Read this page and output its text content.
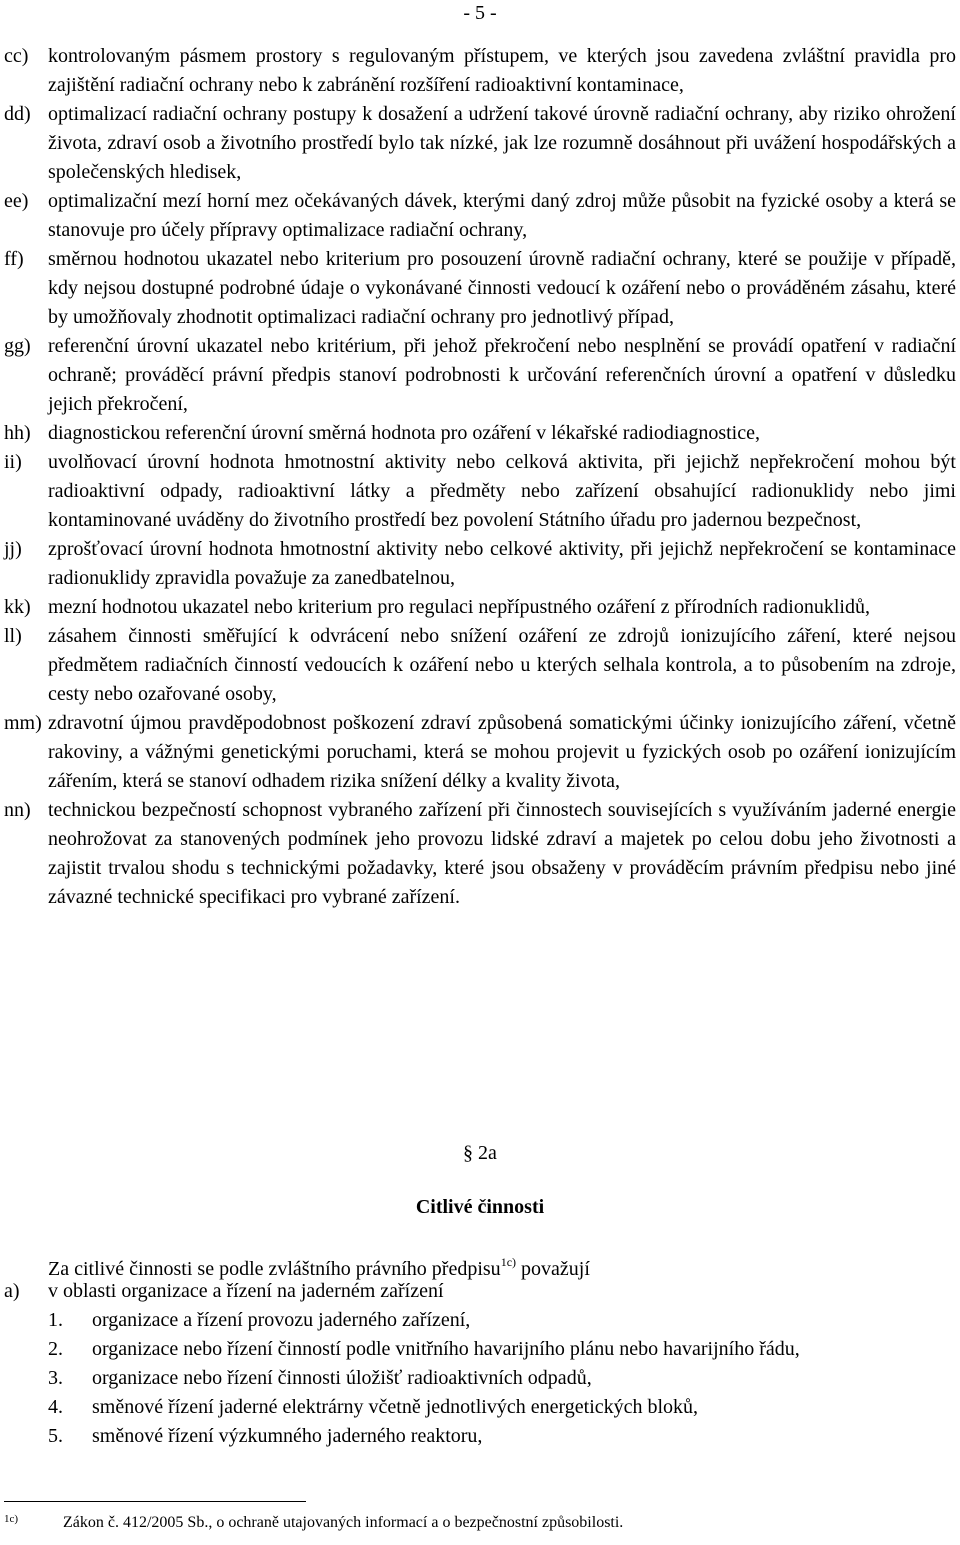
- 5 -

cc) kontrolovaným pásmem prostory s regulovaným přístupem, ve kterých jsou zavedena zvláštní pravidla pro zajištění radiační ochrany nebo k zabránění rozšíření radioaktivní kontaminace,

dd) optimalizací radiační ochrany postupy k dosažení a udržení takové úrovně radiační ochrany, aby riziko ohrožení života, zdraví osob a životního prostředí bylo tak nízké, jak lze rozumně dosáhnout při uvážení hospodářských a společenských hledisek,

ee) optimalizační mezí horní mez očekávaných dávek, kterými daný zdroj může působit na fyzické osoby a která se stanovuje pro účely přípravy optimalizace radiační ochrany,

ff) směrnou hodnotou ukazatel nebo kriterium pro posouzení úrovně radiační ochrany, které se použije v případě, kdy nejsou dostupné podrobné údaje o vykonávané činnosti vedoucí k ozáření nebo o prováděném zásahu, které by umožňovaly zhodnotit optimalizaci radiační ochrany pro jednotlivý případ,

gg) referenční úrovní ukazatel nebo kritérium, při jehož překročení nebo nesplnění se provádí opatření v radiační ochraně; prováděcí právní předpis stanoví podrobnosti k určování referenčních úrovní a opatření v důsledku jejich překročení,

hh) diagnostickou referenční úrovní směrná hodnota pro ozáření v lékařské radiodiagnostice,

ii) uvolňovací úrovní hodnota hmotnostní aktivity nebo celková aktivita, při jejichž nepřekročení mohou být radioaktivní odpady, radioaktivní látky a předměty nebo zařízení obsahující radionuklidy nebo jimi kontaminované uváděny do životního prostředí bez povolení Státního úřadu pro jadernou bezpečnost,

jj) zprošťovací úrovní hodnota hmotnostní aktivity nebo celkové aktivity, při jejichž nepřekročení se kontaminace radionuklidy zpravidla považuje za zanedbatelnou,

kk) mezní hodnotou ukazatel nebo kriterium pro regulaci nepřípustného ozáření z přírodních radionuklidů,

ll) zásahem činnosti směřující k odvrácení nebo snížení ozáření ze zdrojů ionizujícího záření, které nejsou předmětem radiačních činností vedoucích k ozáření nebo u kterých selhala kontrola, a to působením na zdroje, cesty nebo ozařované osoby,

mm) zdravotní újmou pravděpodobnost poškození zdraví způsobená somatickými účinky ionizujícího záření, včetně rakoviny, a vážnými genetickými poruchami, která se mohou projevit u fyzických osob po ozáření ionizujícím zářením, která se stanoví odhadem rizika snížení délky a kvality života,

nn) technickou bezpečností schopnost vybraného zařízení při činnostech souvisejících s využíváním jaderné energie neohrožovat za stanovených podmínek jeho provozu lidské zdraví a majetek po celou dobu jeho životnosti a zajistit trvalou shodu s technickými požadavky, které jsou obsaženy v prováděcím právním předpisu nebo jiné závazné technické specifikaci pro vybrané zařízení.

§ 2a
Citlivé činnosti
Za citlivé činnosti se podle zvláštního právního předpisu$^{1c)}$ považují
a)	v oblasti organizace a řízení na jaderném zařízení
1. organizace a řízení provozu jaderného zařízení,
2. organizace nebo řízení činností podle vnitřního havarijního plánu nebo havarijního řádu,
3. organizace nebo řízení činnosti úložišť radioaktivních odpadů,
4. směnové řízení jaderné elektrárny včetně jednotlivých energetických bloků,
5. směnové řízení výzkumného jaderného reaktoru,
1c)	Zákon č. 412/2005 Sb., o ochraně utajovaných informací a o bezpečnostní způsobilosti.
